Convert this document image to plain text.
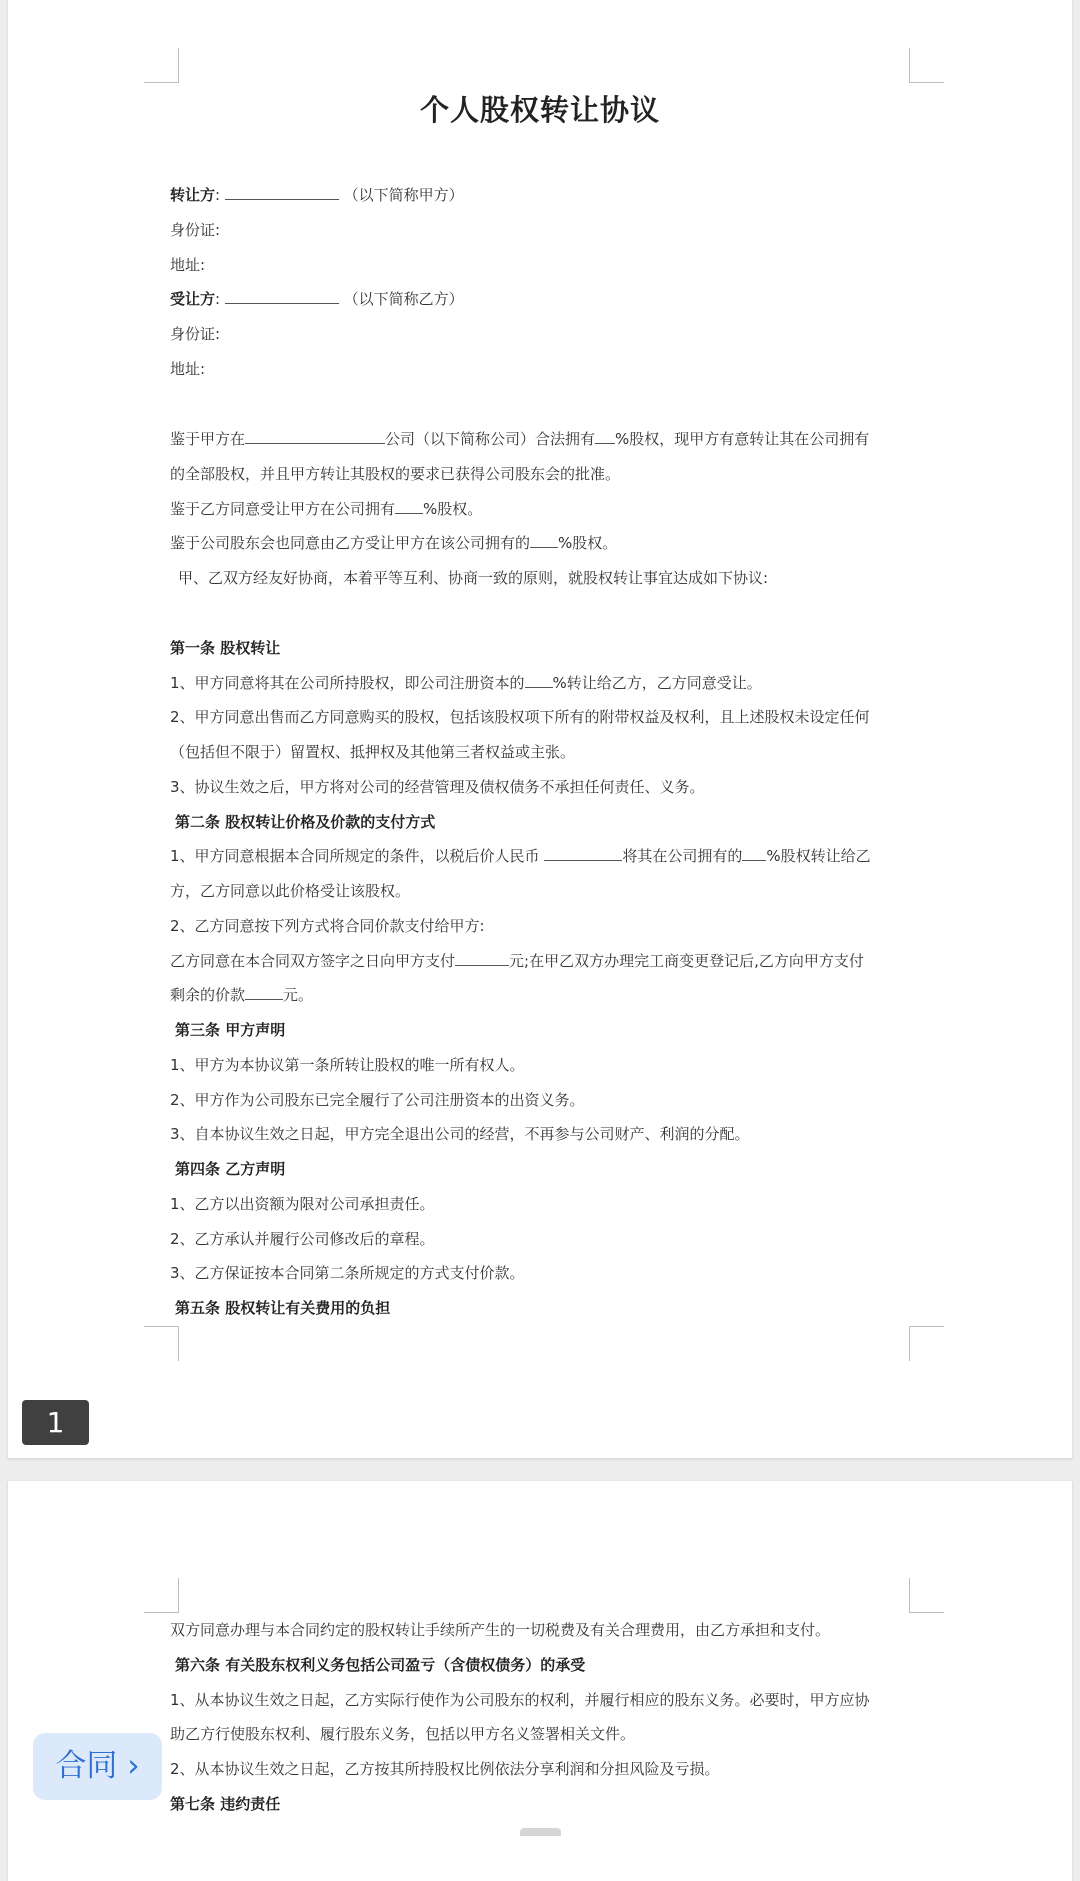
个人股权转让协议
转让方:	（以下简称甲方）
身份证:
地址:
受让方:	（以下简称乙方）
身份证:
地址:
鉴于甲方在	公司（以下简称公司）合法拥有 %股权，现甲方有意转让其在公司拥有
的全部股权，并且甲方转让其股权的要求已获得公司股东会的批准。
鉴于乙方同意受让甲方在公司拥有 %股权。
鉴于公司股东会也同意由乙方受让甲方在该公司拥有的 %股权。
甲、乙双方经友好协商，本着平等互利、协商一致的原则，就股权转让事宜达成如下协议:
第一条 股权转让
1、甲方同意将其在公司所持股权，即公司注册资本的 %转让给乙方，乙方同意受让。
2、甲方同意出售而乙方同意购买的股权，包括该股权项下所有的附带权益及权利，且上述股权未设定任何
（包括但不限于）留置权、抵押权及其他第三者权益或主张。
3、协议生效之后，甲方将对公司的经营管理及债权债务不承担任何责任、义务。
第二条 股权转让价格及价款的支付方式
1、甲方同意根据本合同所规定的条件，以税后价人民币	将其在公司拥有的 %股权转让给乙
方，乙方同意以此价格受让该股权。
2、乙方同意按下列方式将合同价款支付给甲方:
乙方同意在本合同双方签字之日向甲方支付	元;在甲乙双方办理完工商变更登记后,乙方向甲方支付
剩余的价款	元。
第三条 甲方声明
1、甲方为本协议第一条所转让股权的唯一所有权人。
2、甲方作为公司股东已完全履行了公司注册资本的出资义务。
3、自本协议生效之日起，甲方完全退出公司的经营，不再参与公司财产、利润的分配。
第四条 乙方声明
1、乙方以出资额为限对公司承担责任。
2、乙方承认并履行公司修改后的章程。
3、乙方保证按本合同第二条所规定的方式支付价款。
第五条 股权转让有关费用的负担
1
双方同意办理与本合同约定的股权转让手续所产生的一切税费及有关合理费用，由乙方承担和支付。
第六条 有关股东权利义务包括公司盈亏（含债权债务）的承受
1、从本协议生效之日起，乙方实际行使作为公司股东的权利，并履行相应的股东义务。必要时，甲方应协
助乙方行使股东权利、履行股东义务，包括以甲方名义签署相关文件。
2、从本协议生效之日起，乙方按其所持股权比例依法分享利润和分担风险及亏损。
第七条 违约责任
合同 ›
